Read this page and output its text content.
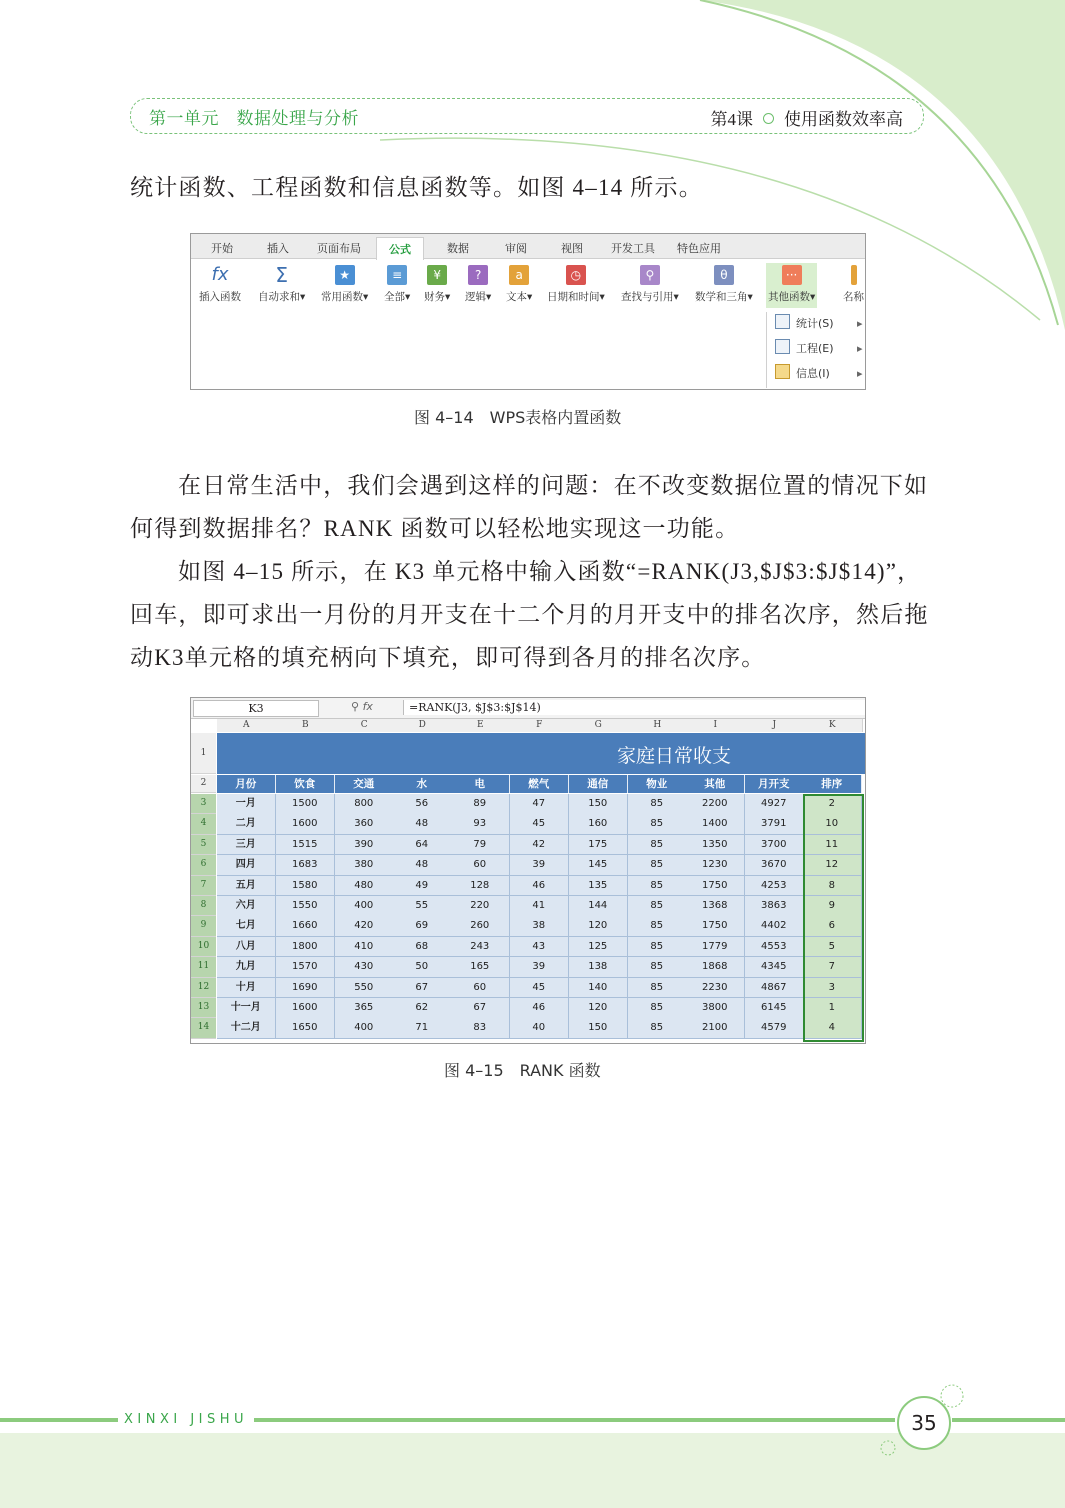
第一单元　数据处理与分析	第4课 使用函数效率高
统计函数、工程函数和信息函数等。如图 4–14 所示。
开始	插入	页面布局	公式	数据	审阅	视图	开发工具 特色应用
fx
插入函数
Σ
自动求和▾
★
常用函数▾
≡
全部▾
¥
财务▾
?
逻辑▾
a
文本▾
◷
日期和时间▾
⚲
查找与引用▾
θ
数学和三角▾
···
其他函数▾	名称
统计(S) ▸
工程(E) ▸
信息(I) ▸
图 4–14　WPS表格内置函数
在日常生活中，我们会遇到这样的问题：在不改变数据位置的情况下如何得到数据排名？RANK 函数可以轻松地实现这一功能。
如图 4–15 所示，在 K3 单元格中输入函数“=RANK(J3,$J$3:$J$14)”，回车，即可求出一月份的月开支在十二个月的月开支中的排名次序，然后拖动K3单元格的填充柄向下填充，即可得到各月的排名次序。
K3	⚲ fx	=RANK(J3, $J$3:$J$14)
A	B	C	D	E	F	G	H	I	J	K
1
2
3
4
5
6
7
8
9
10
11
12
13
14
家庭日常收支
月份	饮食	交通	水	电	燃气	通信	物业	其他	月开支	排序
一月	1500	800	56	89	47	150	85	2200	4927	2
二月	1600	360	48	93	45	160	85	1400	3791	10
三月	1515	390	64	79	42	175	85	1350	3700	11
四月	1683	380	48	60	39	145	85	1230	3670	12
五月	1580	480	49	128	46	135	85	1750	4253	8
六月	1550	400	55	220	41	144	85	1368	3863	9
七月	1660	420	69	260	38	120	85	1750	4402	6
八月	1800	410	68	243	43	125	85	1779	4553	5
九月	1570	430	50	165	39	138	85	1868	4345	7
十月	1690	550	67	60	45	140	85	2230	4867	3
十一月	1600	365	62	67	46	120	85	3800	6145	1
十二月	1650	400	71	83	40	150	85	2100	4579	4
图 4–15　RANK 函数
XINXI JISHU	35
